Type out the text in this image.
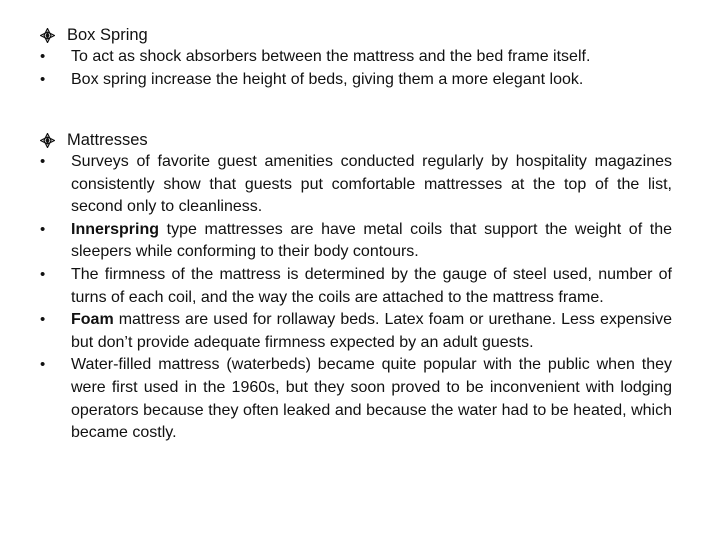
Box Spring
•
To act as shock absorbers between the mattress and the bed frame itself.
•
Box spring increase the height of beds, giving them a more elegant look.
Mattresses
•
Surveys of favorite guest amenities conducted regularly by hospitality magazines consistently show that guests put comfortable mattresses at the top of the list, second only to cleanliness.
•
Innerspring type mattresses are have metal coils that support the weight of the sleepers while conforming to their body contours.
•
The firmness of the mattress is determined by the gauge of steel used, number of turns of each coil, and the way the coils are attached to the mattress frame.
•
Foam mattress are used for rollaway beds. Latex foam or urethane. Less expensive but don’t provide adequate firmness expected by an adult guests.
•
Water-filled mattress (waterbeds) became quite popular with the public when they were first used in the 1960s, but they soon proved to be inconvenient with lodging operators because they often leaked and because the water had to be heated, which became costly.
